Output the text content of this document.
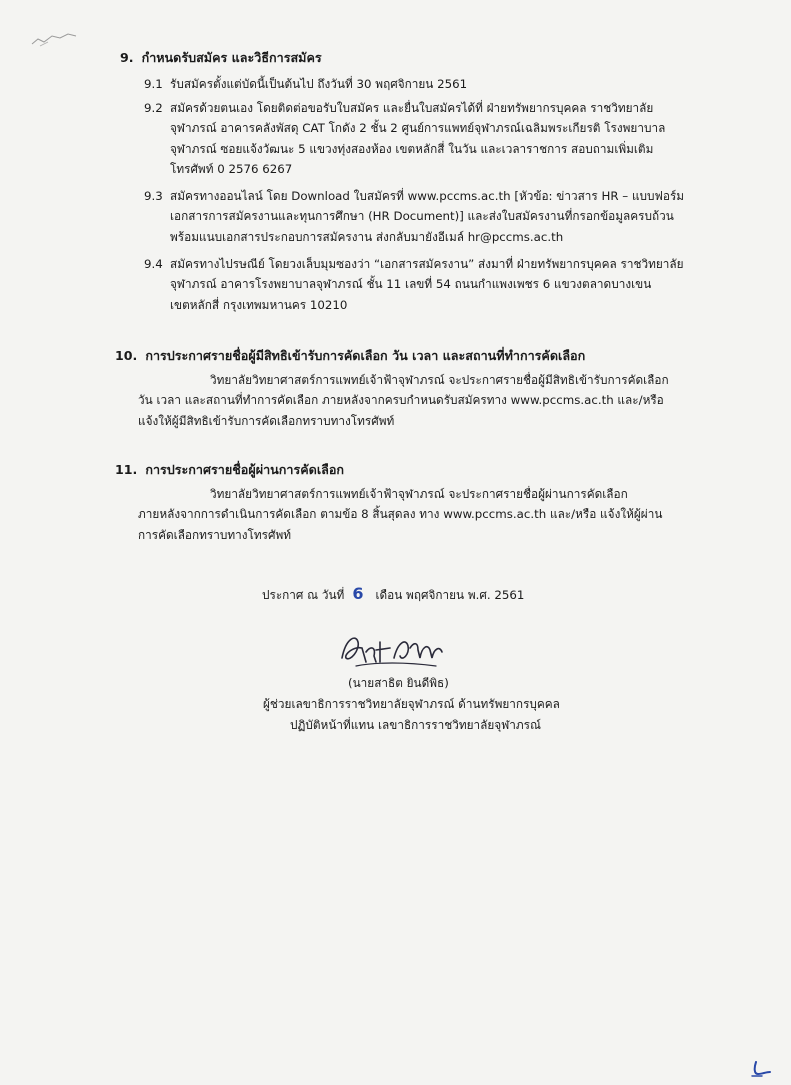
9. กำหนดรับสมัคร และวิธีการสมัคร
9.1 รับสมัครตั้งแต่บัดนี้เป็นต้นไป ถึงวันที่ 30 พฤศจิกายน 2561
9.2 สมัครด้วยตนเอง โดยติดต่อขอรับใบสมัคร และยื่นใบสมัครได้ที่ ฝ่ายทรัพยากรบุคคล ราชวิทยาลัย
จุฬาภรณ์ อาคารคลังพัสดุ CAT โกดัง 2 ชั้น 2 ศูนย์การแพทย์จุฬาภรณ์เฉลิมพระเกียรติ โรงพยาบาล
จุฬาภรณ์ ซอยแจ้งวัฒนะ 5 แขวงทุ่งสองห้อง เขตหลักสี่ ในวัน และเวลาราชการ สอบถามเพิ่มเติม
โทรศัพท์ 0 2576 6267
9.3 สมัครทางออนไลน์ โดย Download ใบสมัครที่ www.pccms.ac.th [หัวข้อ: ข่าวสาร HR – แบบฟอร์ม
เอกสารการสมัครงานและทุนการศึกษา (HR Document)] และส่งใบสมัครงานที่กรอกข้อมูลครบถ้วน
พร้อมแนบเอกสารประกอบการสมัครงาน ส่งกลับมายังอีเมล์ hr@pccms.ac.th
9.4 สมัครทางไปรษณีย์ โดยวงเล็บมุมซองว่า “เอกสารสมัครงาน” ส่งมาที่ ฝ่ายทรัพยากรบุคคล ราชวิทยาลัย
จุฬาภรณ์ อาคารโรงพยาบาลจุฬาภรณ์ ชั้น 11 เลขที่ 54 ถนนกำแพงเพชร 6 แขวงตลาดบางเขน
เขตหลักสี่ กรุงเทพมหานคร 10210
10. การประกาศรายชื่อผู้มีสิทธิเข้ารับการคัดเลือก วัน เวลา และสถานที่ทำการคัดเลือก
วิทยาลัยวิทยาศาสตร์การแพทย์เจ้าฟ้าจุฬาภรณ์ จะประกาศรายชื่อผู้มีสิทธิเข้ารับการคัดเลือก
วัน เวลา และสถานที่ทำการคัดเลือก ภายหลังจากครบกำหนดรับสมัครทาง www.pccms.ac.th และ/หรือ
แจ้งให้ผู้มีสิทธิเข้ารับการคัดเลือกทราบทางโทรศัพท์
11. การประกาศรายชื่อผู้ผ่านการคัดเลือก
วิทยาลัยวิทยาศาสตร์การแพทย์เจ้าฟ้าจุฬาภรณ์ จะประกาศรายชื่อผู้ผ่านการคัดเลือก
ภายหลังจากการดำเนินการคัดเลือก ตามข้อ 8 สิ้นสุดลง ทาง www.pccms.ac.th และ/หรือ แจ้งให้ผู้ผ่าน
การคัดเลือกทราบทางโทรศัพท์
ประกาศ ณ วันที่ 6 เดือน พฤศจิกายน พ.ศ. 2561
(นายสาธิต ยินดีพิธ)
ผู้ช่วยเลขาธิการราชวิทยาลัยจุฬาภรณ์ ด้านทรัพยากรบุคคล
ปฏิบัติหน้าที่แทน เลขาธิการราชวิทยาลัยจุฬาภรณ์
